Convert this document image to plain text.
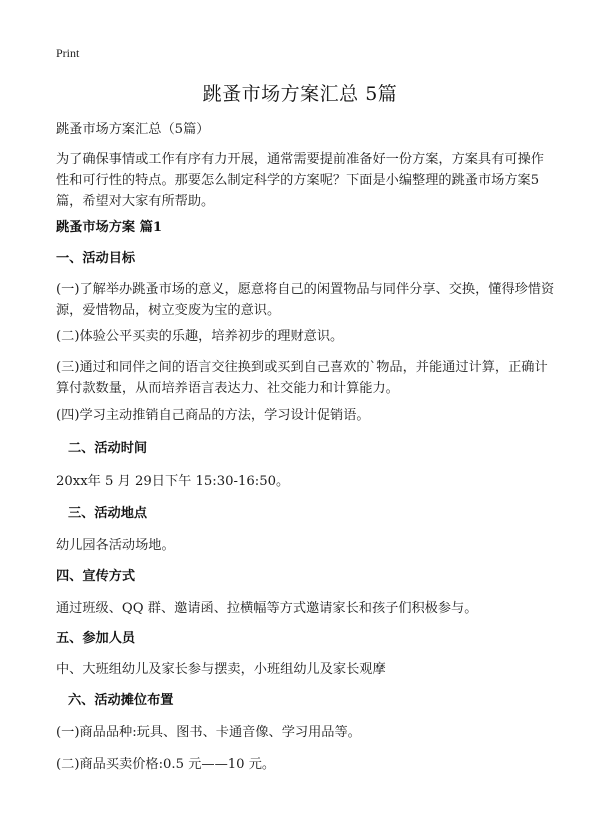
Print
跳蚤市场方案汇总 5篇

跳蚤市场方案汇总（5篇）

为了确保事情或工作有序有力开展，通常需要提前准备好一份方案，方案具有可操作性和可行性的特点。那要怎么制定科学的方案呢？下面是小编整理的跳蚤市场方案5篇，希望对大家有所帮助。

跳蚤市场方案 篇1

一、活动目标

(一)了解举办跳蚤市场的意义，愿意将自己的闲置物品与同伴分享、交换，懂得珍惜资源，爱惜物品，树立变废为宝的意识。

(二)体验公平买卖的乐趣，培养初步的理财意识。

(三)通过和同伴之间的语言交往换到或买到自己喜欢的`物品，并能通过计算，正确计算付款数量，从而培养语言表达力、社交能力和计算能力。

(四)学习主动推销自己商品的方法，学习设计促销语。

二、活动时间

20xx年 5 月 29日下午 15:30-16:50。

三、活动地点

幼儿园各活动场地。

四、宣传方式

通过班级、QQ 群、邀请函、拉横幅等方式邀请家长和孩子们积极参与。

五、参加人员

中、大班组幼儿及家长参与摆卖，小班组幼儿及家长观摩

六、活动摊位布置

(一)商品品种:玩具、图书、卡通音像、学习用品等。

(二)商品买卖价格:0.5 元——10 元。
